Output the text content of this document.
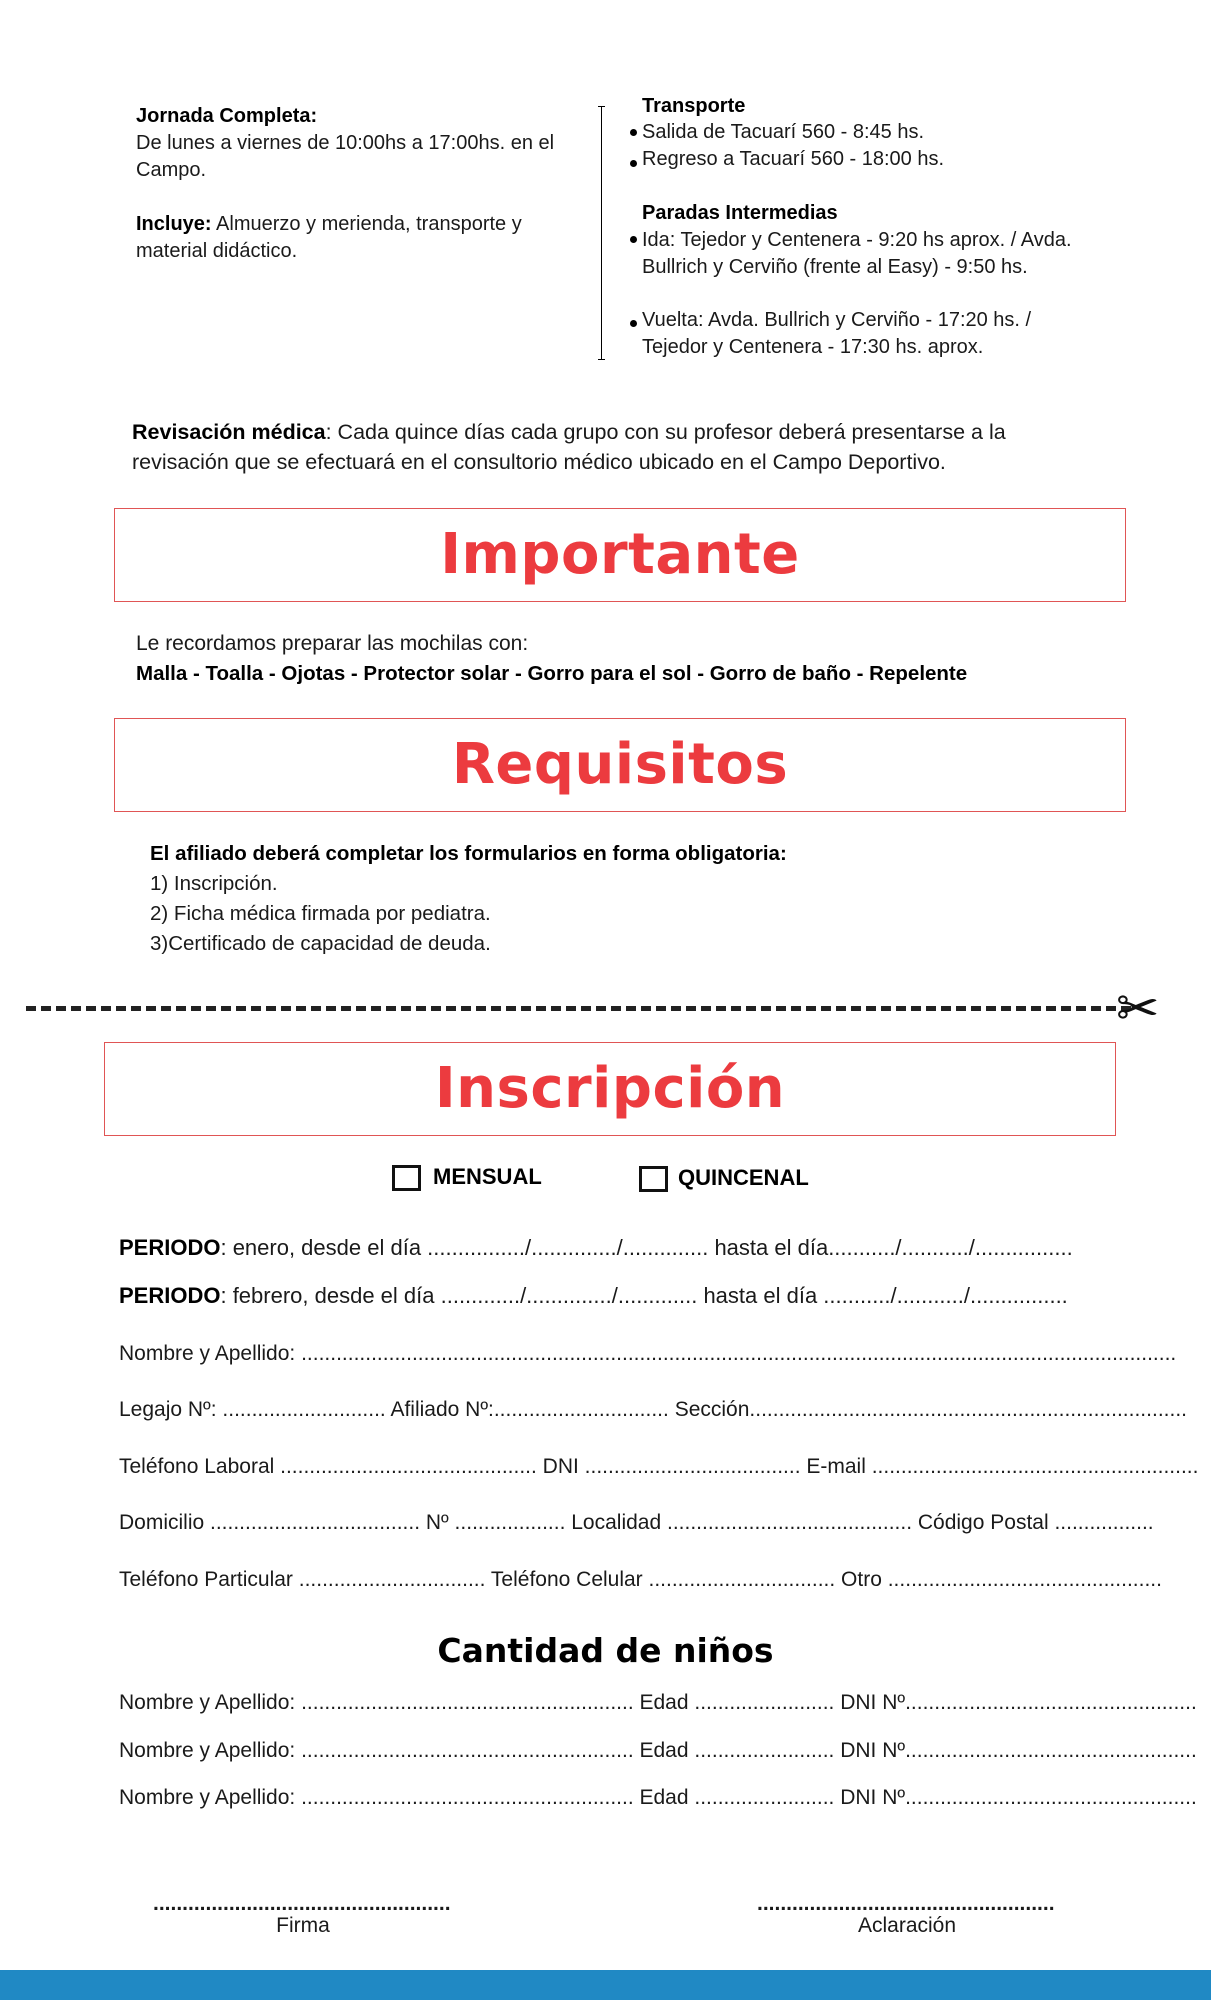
Jornada Completa:
De lunes a viernes de 10:00hs a 17:00hs. en el Campo.
Incluye: Almuerzo y merienda, transporte y material didáctico.
Transporte
Salida de Tacuarí 560 - 8:45 hs.
Regreso a Tacuarí 560 - 18:00 hs.
Paradas Intermedias
Ida: Tejedor y Centenera - 9:20 hs aprox. / Avda. Bullrich y Cerviño (frente al Easy) - 9:50 hs.
Vuelta: Avda. Bullrich y Cerviño - 17:20 hs. / Tejedor y Centenera - 17:30 hs. aprox.
Revisación médica: Cada quince días cada grupo con su profesor deberá presentarse a la revisación que se efectuará en el consultorio médico ubicado en el Campo Deportivo.
Importante
Le recordamos preparar las mochilas con:
Malla - Toalla - Ojotas - Protector solar - Gorro para el sol - Gorro de baño - Repelente
Requisitos
El afiliado deberá completar los formularios en forma obligatoria:
1) Inscripción.
2) Ficha médica firmada por pediatra.
3)Certificado de capacidad de deuda.
✂
Inscripción
MENSUAL	QUINCENAL
PERIODO: enero, desde el día ................/............../.............. hasta el día.........../.........../................
PERIODO: febrero, desde el día ............./............../............. hasta el día .........../.........../................
Nombre y Apellido: ......................................................................................................................................................
Legajo Nº: ............................ Afiliado Nº:.............................. Sección...........................................................................
Teléfono Laboral ............................................ DNI ..................................... E-mail ........................................................
Domicilio .................................... Nº ................... Localidad .......................................... Código Postal .................
Teléfono Particular ................................ Teléfono Celular ................................ Otro ...............................................
Cantidad de niños
Nombre y Apellido: ......................................................... Edad ........................ DNI Nº..................................................
Nombre y Apellido: ......................................................... Edad ........................ DNI Nº..................................................
Nombre y Apellido: ......................................................... Edad ........................ DNI Nº..................................................
...................................................
Firma
...................................................
Aclaración
